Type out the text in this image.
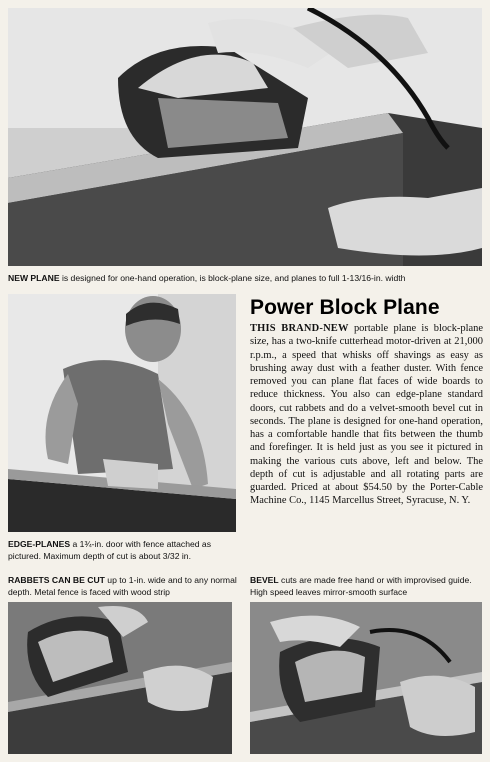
NEW PLANE is designed for one-hand operation, is block-plane size, and planes to full 1-13/16-in. width

EDGE-PLANES a 1¾-in. door with fence attached as pictured. Maximum depth of cut is about 3/32 in.

Power Block Plane

THIS BRAND-NEW portable plane is block-plane size, has a two-knife cutterhead motor-driven at 21,000 r.p.m., a speed that whisks off shavings as easy as brushing away dust with a feather duster. With fence removed you can plane flat faces of wide boards to reduce thickness. You also can edge-plane standard doors, cut rabbets and do a velvet-smooth bevel cut in seconds. The plane is designed for one-hand operation, has a comfortable handle that fits between the thumb and forefinger. It is held just as you see it pictured in making the various cuts above, left and below. The depth of cut is adjustable and all rotating parts are guarded. Priced at about $54.50 by the Porter-Cable Machine Co., 1145 Marcellus Street, Syracuse, N. Y.

RABBETS CAN BE CUT up to 1-in. wide and to any normal depth. Metal fence is faced with wood strip

BEVEL cuts are made free hand or with improvised guide. High speed leaves mirror-smooth surface
